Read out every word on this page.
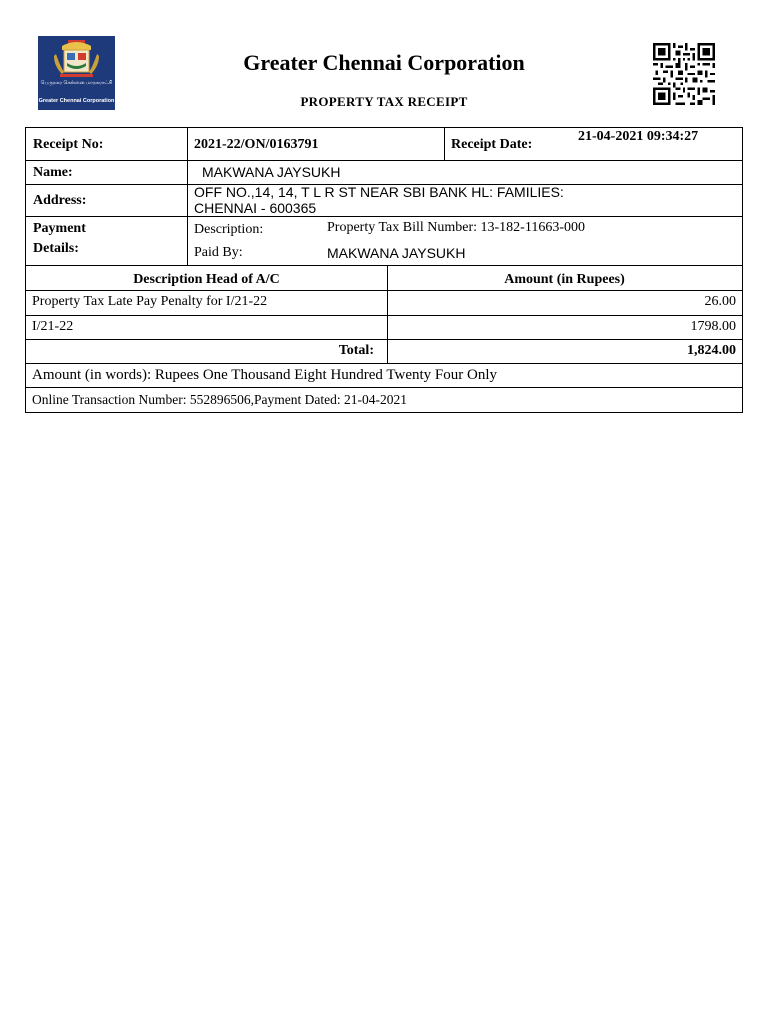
பெருநகர சென்னை மாநகராட்சி
Greater Chennai Corporation
Greater Chennai Corporation
PROPERTY TAX RECEIPT
Receipt No:	2021-22/ON/0163791	Receipt Date:
21-04-2021 09:34:27
Name:	MAKWANA JAYSUKH
Address:
OFF NO.,14, 14, T L R ST NEAR SBI BANK HL: FAMILIES:
CHENNAI - 600365
Payment
Details:
Description:	Property Tax Bill Number: 13-182-11663-000
Paid By:	MAKWANA JAYSUKH
Description Head of A/C	Amount (in Rupees)
Property Tax Late Pay Penalty for I/21-22	26.00
I/21-22	1798.00
Total:	1,824.00
Amount (in words): Rupees One Thousand Eight Hundred Twenty Four Only
Online Transaction Number: 552896506,Payment Dated: 21-04-2021
